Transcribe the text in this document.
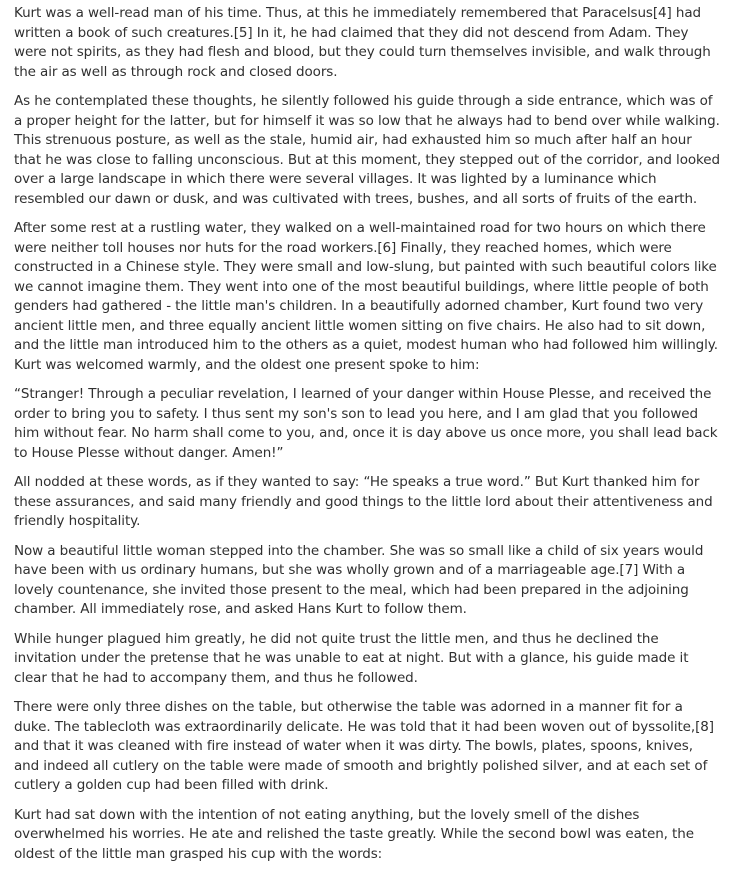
Kurt was a well-read man of his time. Thus, at this he immediately remembered that Paracelsus[4] had written a book of such creatures.[5] In it, he had claimed that they did not descend from Adam. They were not spirits, as they had flesh and blood, but they could turn themselves invisible, and walk through the air as well as through rock and closed doors.

As he contemplated these thoughts, he silently followed his guide through a side entrance, which was of a proper height for the latter, but for himself it was so low that he always had to bend over while walking. This strenuous posture, as well as the stale, humid air, had exhausted him so much after half an hour that he was close to falling unconscious. But at this moment, they stepped out of the corridor, and looked over a large landscape in which there were several villages. It was lighted by a luminance which resembled our dawn or dusk, and was cultivated with trees, bushes, and all sorts of fruits of the earth.

After some rest at a rustling water, they walked on a well-maintained road for two hours on which there were neither toll houses nor huts for the road workers.[6] Finally, they reached homes, which were constructed in a Chinese style. They were small and low-slung, but painted with such beautiful colors like we cannot imagine them. They went into one of the most beautiful buildings, where little people of both genders had gathered - the little man's children. In a beautifully adorned chamber, Kurt found two very ancient little men, and three equally ancient little women sitting on five chairs. He also had to sit down, and the little man introduced him to the others as a quiet, modest human who had followed him willingly. Kurt was welcomed warmly, and the oldest one present spoke to him:

“Stranger! Through a peculiar revelation, I learned of your danger within House Plesse, and received the order to bring you to safety. I thus sent my son's son to lead you here, and I am glad that you followed him without fear. No harm shall come to you, and, once it is day above us once more, you shall lead back to House Plesse without danger. Amen!”

All nodded at these words, as if they wanted to say: “He speaks a true word.” But Kurt thanked him for these assurances, and said many friendly and good things to the little lord about their attentiveness and friendly hospitality.

Now a beautiful little woman stepped into the chamber. She was so small like a child of six years would have been with us ordinary humans, but she was wholly grown and of a marriageable age.[7] With a lovely countenance, she invited those present to the meal, which had been prepared in the adjoining chamber. All immediately rose, and asked Hans Kurt to follow them.

While hunger plagued him greatly, he did not quite trust the little men, and thus he declined the invitation under the pretense that he was unable to eat at night. But with a glance, his guide made it clear that he had to accompany them, and thus he followed.

There were only three dishes on the table, but otherwise the table was adorned in a manner fit for a duke. The tablecloth was extraordinarily delicate. He was told that it had been woven out of byssolite,[8] and that it was cleaned with fire instead of water when it was dirty. The bowls, plates, spoons, knives, and indeed all cutlery on the table were made of smooth and brightly polished silver, and at each set of cutlery a golden cup had been filled with drink.

Kurt had sat down with the intention of not eating anything, but the lovely smell of the dishes overwhelmed his worries. He ate and relished the taste greatly. While the second bowl was eaten, the oldest of the little man grasped his cup with the words:
